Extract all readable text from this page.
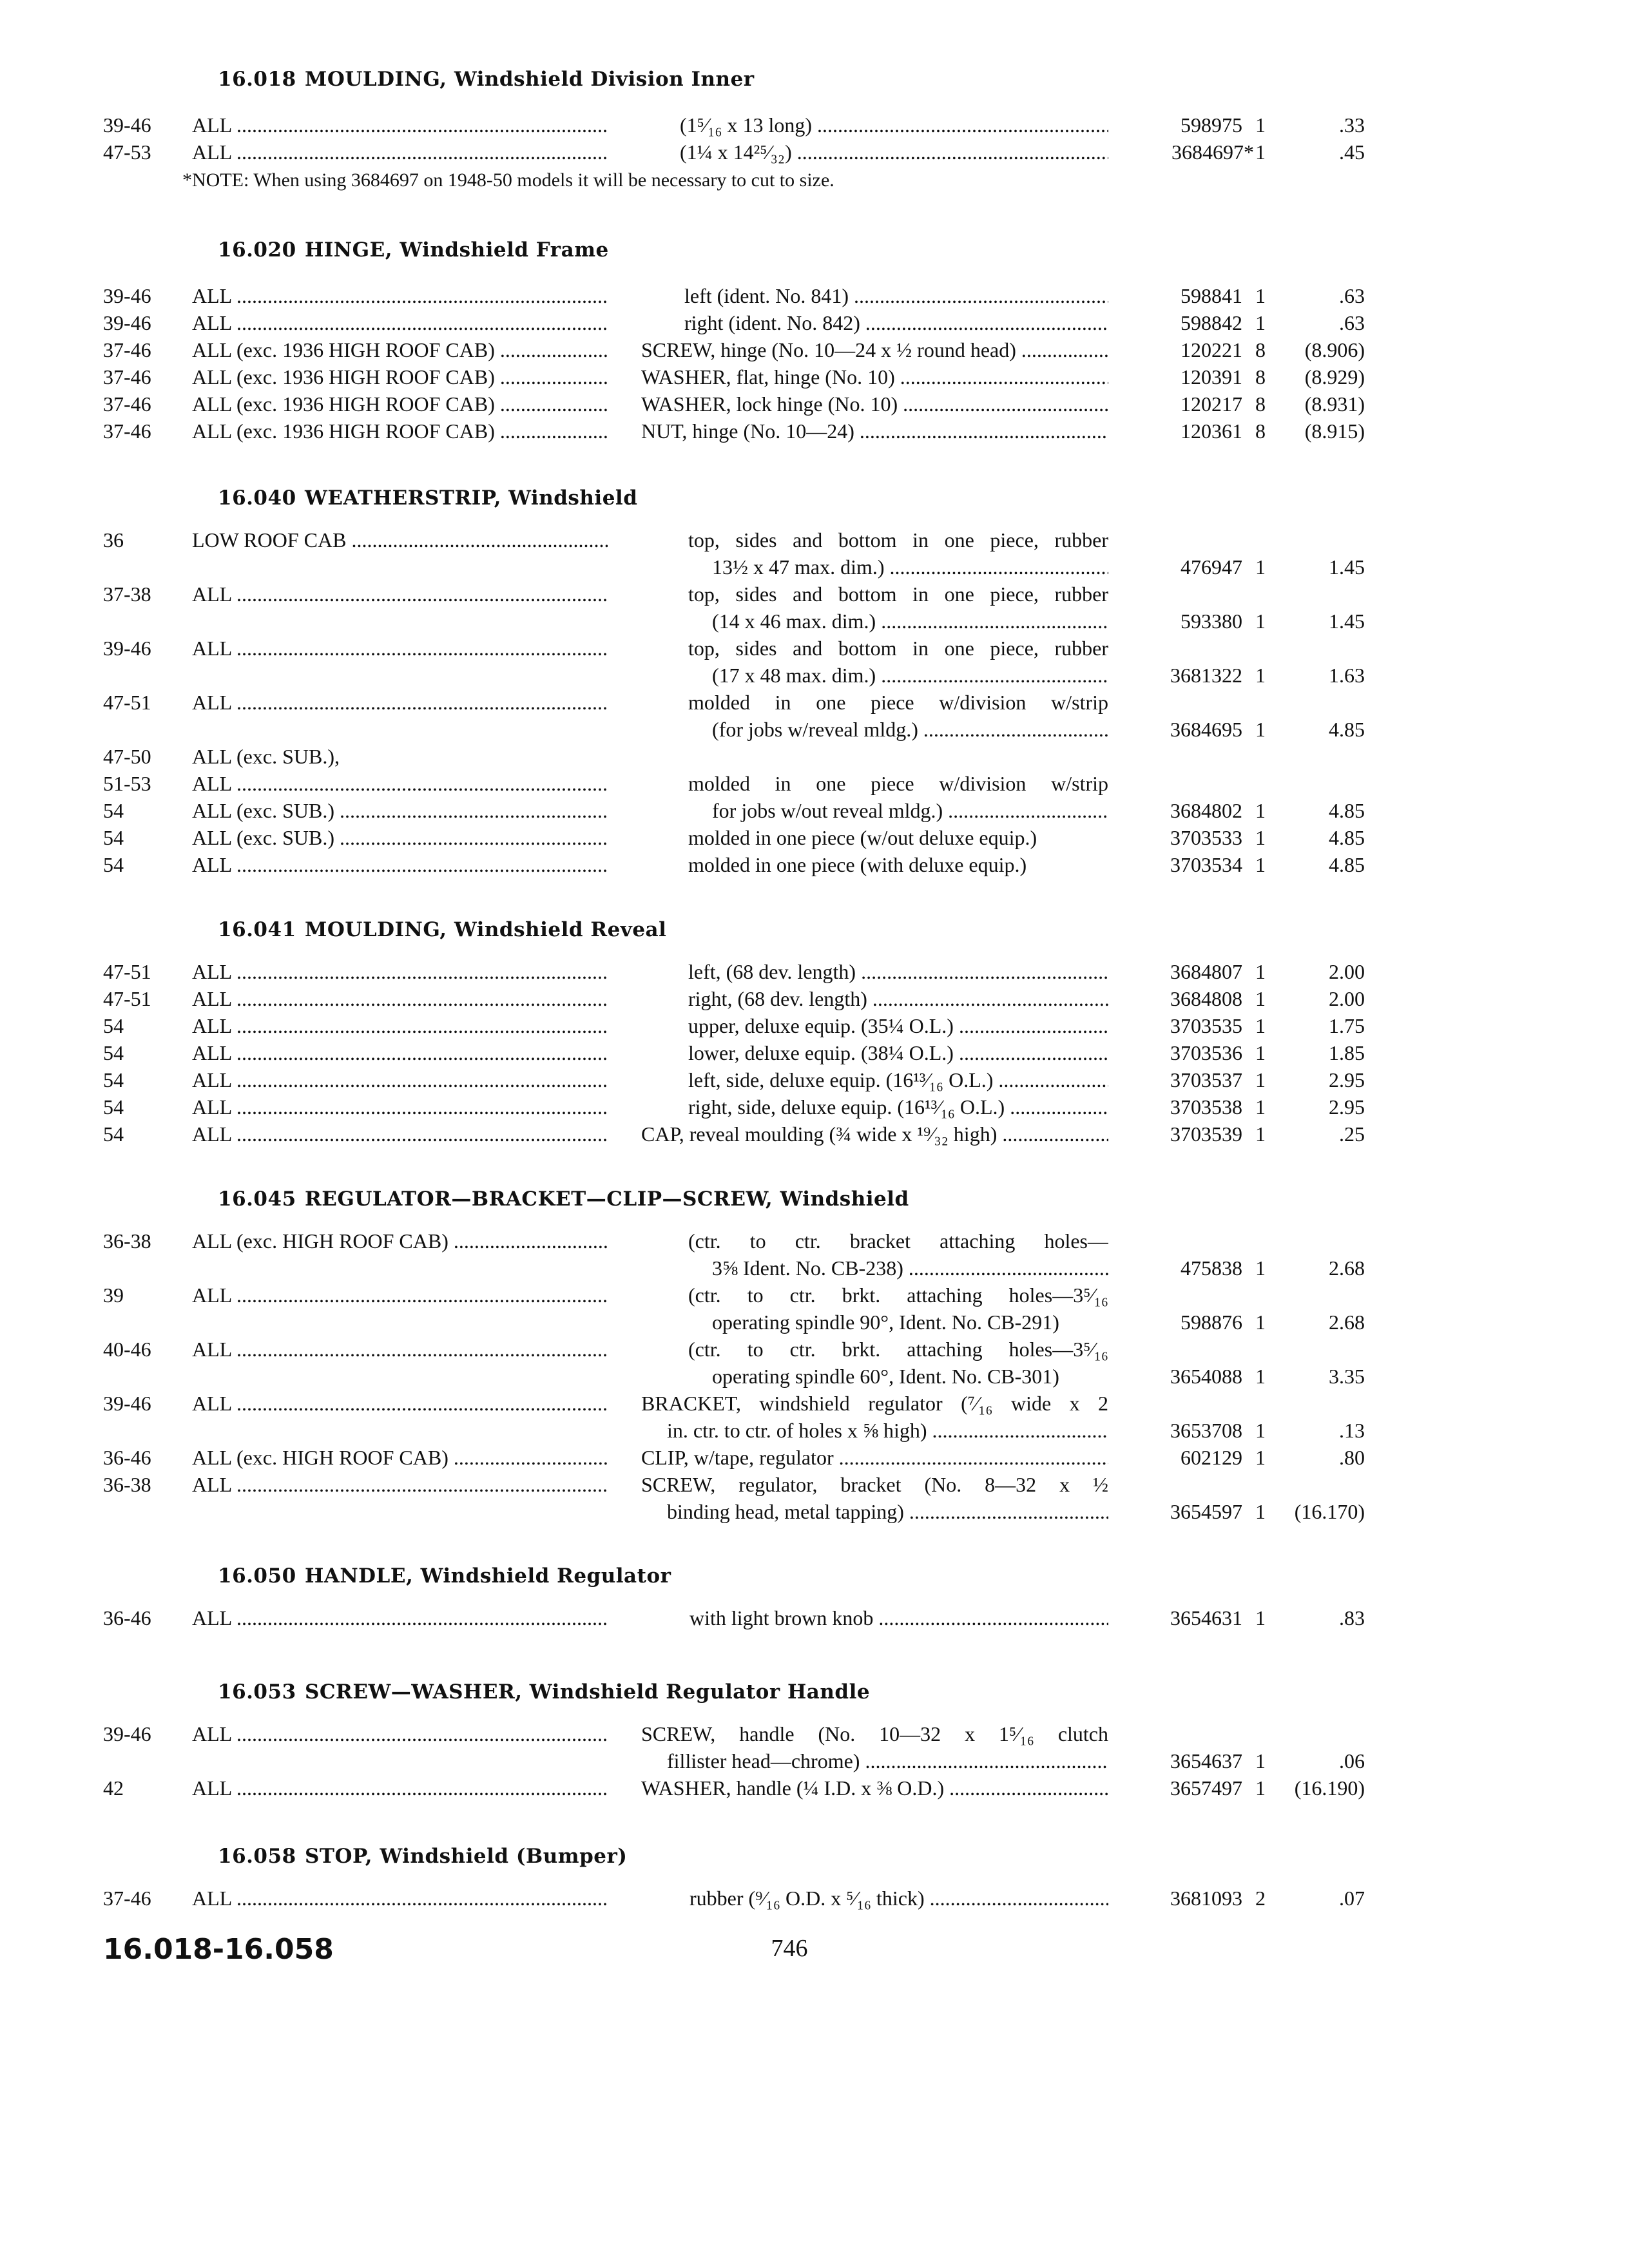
16.018 MOULDING, Windshield Division Inner
39-46	ALL .....	(1⁵⁄₁₆ x 13 long) .....	598975 1	.33
47-53	ALL .....	(1¼ x 14²⁵⁄₃₂) .....	3684697* 1	.45
*NOTE: When using 3684697 on 1948-50 models it will be necessary to cut to size.
16.020 HINGE, Windshield Frame
39-46	ALL .....	left (ident. No. 841) .....	598841 1	.63
39-46	ALL .....	right (ident. No. 842) .....	598842 1	.63
37-46	ALL (exc. 1936 HIGH ROOF CAB) .....	SCREW, hinge (No. 10—24 x ½ round head) .....	120221 8	(8.906)
37-46	ALL (exc. 1936 HIGH ROOF CAB) .....	WASHER, flat, hinge (No. 10) .....	120391 8	(8.929)
37-46	ALL (exc. 1936 HIGH ROOF CAB) .....	WASHER, lock hinge (No. 10) .....	120217 8	(8.931)
37-46	ALL (exc. 1936 HIGH ROOF CAB) .....	NUT, hinge (No. 10—24) .....	120361 8	(8.915)
16.040 WEATHERSTRIP, Windshield
36	LOW ROOF CAB .....	top, sides and bottom in one piece, rubber
13½ x 47 max. dim.) .....	476947 1	1.45
37-38	ALL .....	top, sides and bottom in one piece, rubber
(14 x 46 max. dim.) .....	593380 1	1.45
39-46	ALL .....	top, sides and bottom in one piece, rubber
(17 x 48 max. dim.) .....	3681322 1	1.63
47-51	ALL .....	molded in one piece w/division w/strip
(for jobs w/reveal mldg.) .....	3684695 1	4.85
47-50	ALL (exc. SUB.),
51-53	ALL .....	molded in one piece w/division w/strip
54	ALL (exc. SUB.) .....	for jobs w/out reveal mldg.) .....	3684802 1	4.85
54	ALL (exc. SUB.) .....	molded in one piece (w/out deluxe equip.)	3703533 1	4.85
54	ALL .....	molded in one piece (with deluxe equip.)	3703534 1	4.85
16.041 MOULDING, Windshield Reveal
47-51	ALL .....	left, (68 dev. length) .....	3684807 1	2.00
47-51	ALL .....	right, (68 dev. length) .....	3684808 1	2.00
54	ALL .....	upper, deluxe equip. (35¼ O.L.) .....	3703535 1	1.75
54	ALL .....	lower, deluxe equip. (38¼ O.L.) .....	3703536 1	1.85
54	ALL .....	left, side, deluxe equip. (16¹³⁄₁₆ O.L.) .....	3703537 1	2.95
54	ALL .....	right, side, deluxe equip. (16¹³⁄₁₆ O.L.) .....	3703538 1	2.95
54	ALL .....	CAP, reveal moulding (¾ wide x ¹⁹⁄₃₂ high) .....	3703539 1	.25
16.045 REGULATOR—BRACKET—CLIP—SCREW, Windshield
36-38	ALL (exc. HIGH ROOF CAB) .....	(ctr. to ctr. bracket attaching holes—
3⅝ Ident. No. CB-238) .....	475838 1	2.68
39	ALL .....	(ctr. to ctr. brkt. attaching holes—3⁵⁄₁₆
operating spindle 90°, Ident. No. CB-291)	598876 1	2.68
40-46	ALL .....	(ctr. to ctr. brkt. attaching holes—3⁵⁄₁₆
operating spindle 60°, Ident. No. CB-301)	3654088 1	3.35
39-46	ALL .....	BRACKET, windshield regulator (⁷⁄₁₆ wide x 2
in. ctr. to ctr. of holes x ⅝ high) .....	3653708 1	.13
36-46	ALL (exc. HIGH ROOF CAB) .....	CLIP, w/tape, regulator .....	602129 1	.80
36-38	ALL .....	SCREW, regulator, bracket (No. 8—32 x ½
binding head, metal tapping) .....	3654597 1	(16.170)
16.050 HANDLE, Windshield Regulator
36-46	ALL .....	with light brown knob .....	3654631 1	.83
16.053 SCREW—WASHER, Windshield Regulator Handle
39-46	ALL .....	SCREW, handle (No. 10—32 x 1⁵⁄₁₆ clutch
fillister head—chrome) .....	3654637 1	.06
42	ALL .....	WASHER, handle (¼ I.D. x ⅜ O.D.) .....	3657497 1	(16.190)
16.058 STOP, Windshield (Bumper)
37-46	ALL .....	rubber (⁹⁄₁₆ O.D. x ⁵⁄₁₆ thick) .....	3681093 2	.07
16.018-16.058	746
